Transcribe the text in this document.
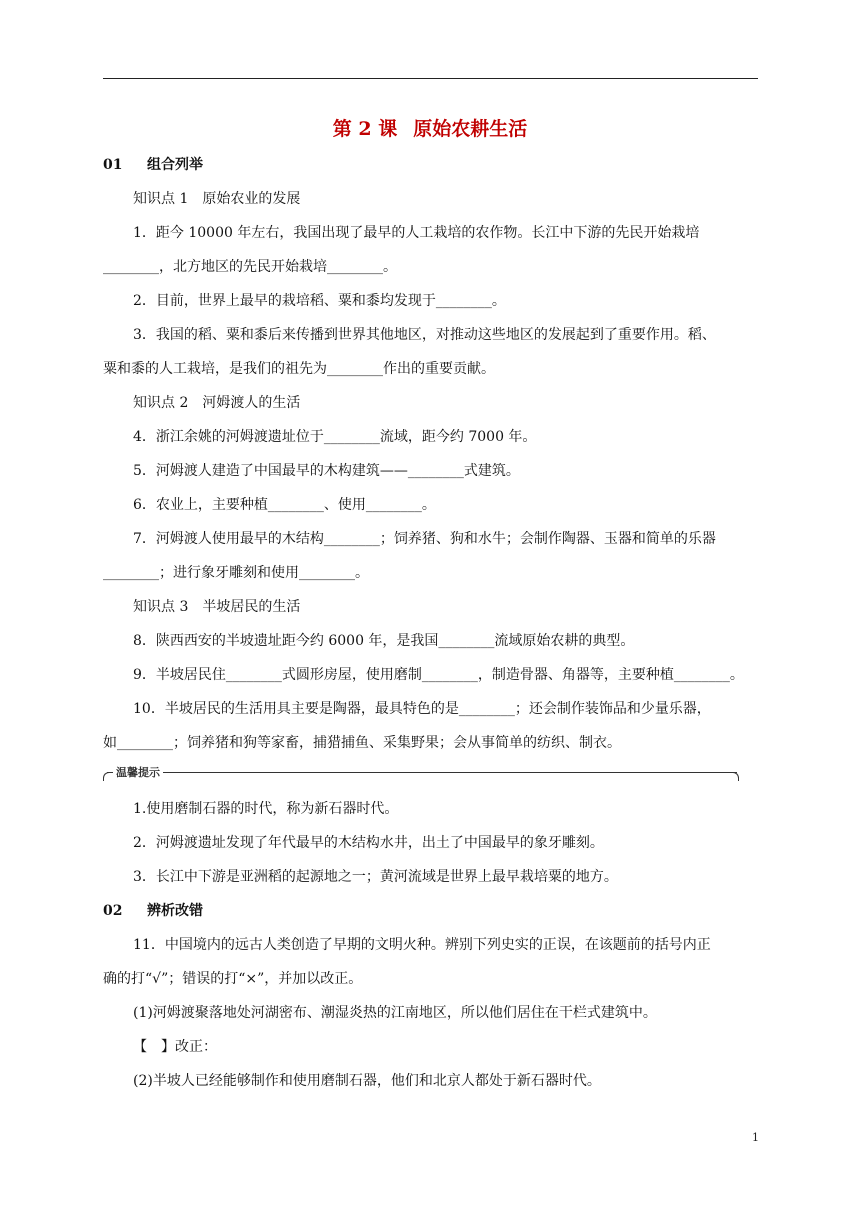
第 2 课 原始农耕生活
01 组合列举
知识点 1　原始农业的发展
1．距今 10000 年左右，我国出现了最早的人工栽培的农作物。长江中下游的先民开始栽培
________，北方地区的先民开始栽培________。
2．目前，世界上最早的栽培稻、粟和黍均发现于________。
3．我国的稻、粟和黍后来传播到世界其他地区，对推动这些地区的发展起到了重要作用。稻、
粟和黍的人工栽培，是我们的祖先为________作出的重要贡献。
知识点 2　河姆渡人的生活
4．浙江余姚的河姆渡遗址位于________流域，距今约 7000 年。
5．河姆渡人建造了中国最早的木构建筑——________式建筑。
6．农业上，主要种植________、使用________。
7．河姆渡人使用最早的木结构________；饲养猪、狗和水牛；会制作陶器、玉器和简单的乐器
________；进行象牙雕刻和使用________。
知识点 3　半坡居民的生活
8．陕西西安的半坡遗址距今约 6000 年，是我国________流域原始农耕的典型。
9．半坡居民住________式圆形房屋，使用磨制________，制造骨器、角器等，主要种植________。
10．半坡居民的生活用具主要是陶器，最具特色的是________；还会制作装饰品和少量乐器，
如________；饲养猪和狗等家畜，捕猎捕鱼、采集野果；会从事简单的纺织、制衣。
温馨提示
1.使用磨制石器的时代，称为新石器时代。
2．河姆渡遗址发现了年代最早的木结构水井，出土了中国最早的象牙雕刻。
3．长江中下游是亚洲稻的起源地之一；黄河流域是世界上最早栽培粟的地方。
02 辨析改错
11．中国境内的远古人类创造了早期的文明火种。辨别下列史实的正误，在该题前的括号内正
确的打“√”；错误的打“×”，并加以改正。
(1)河姆渡聚落地处河湖密布、潮湿炎热的江南地区，所以他们居住在干栏式建筑中。
【　】改正：
(2)半坡人已经能够制作和使用磨制石器，他们和北京人都处于新石器时代。
1
